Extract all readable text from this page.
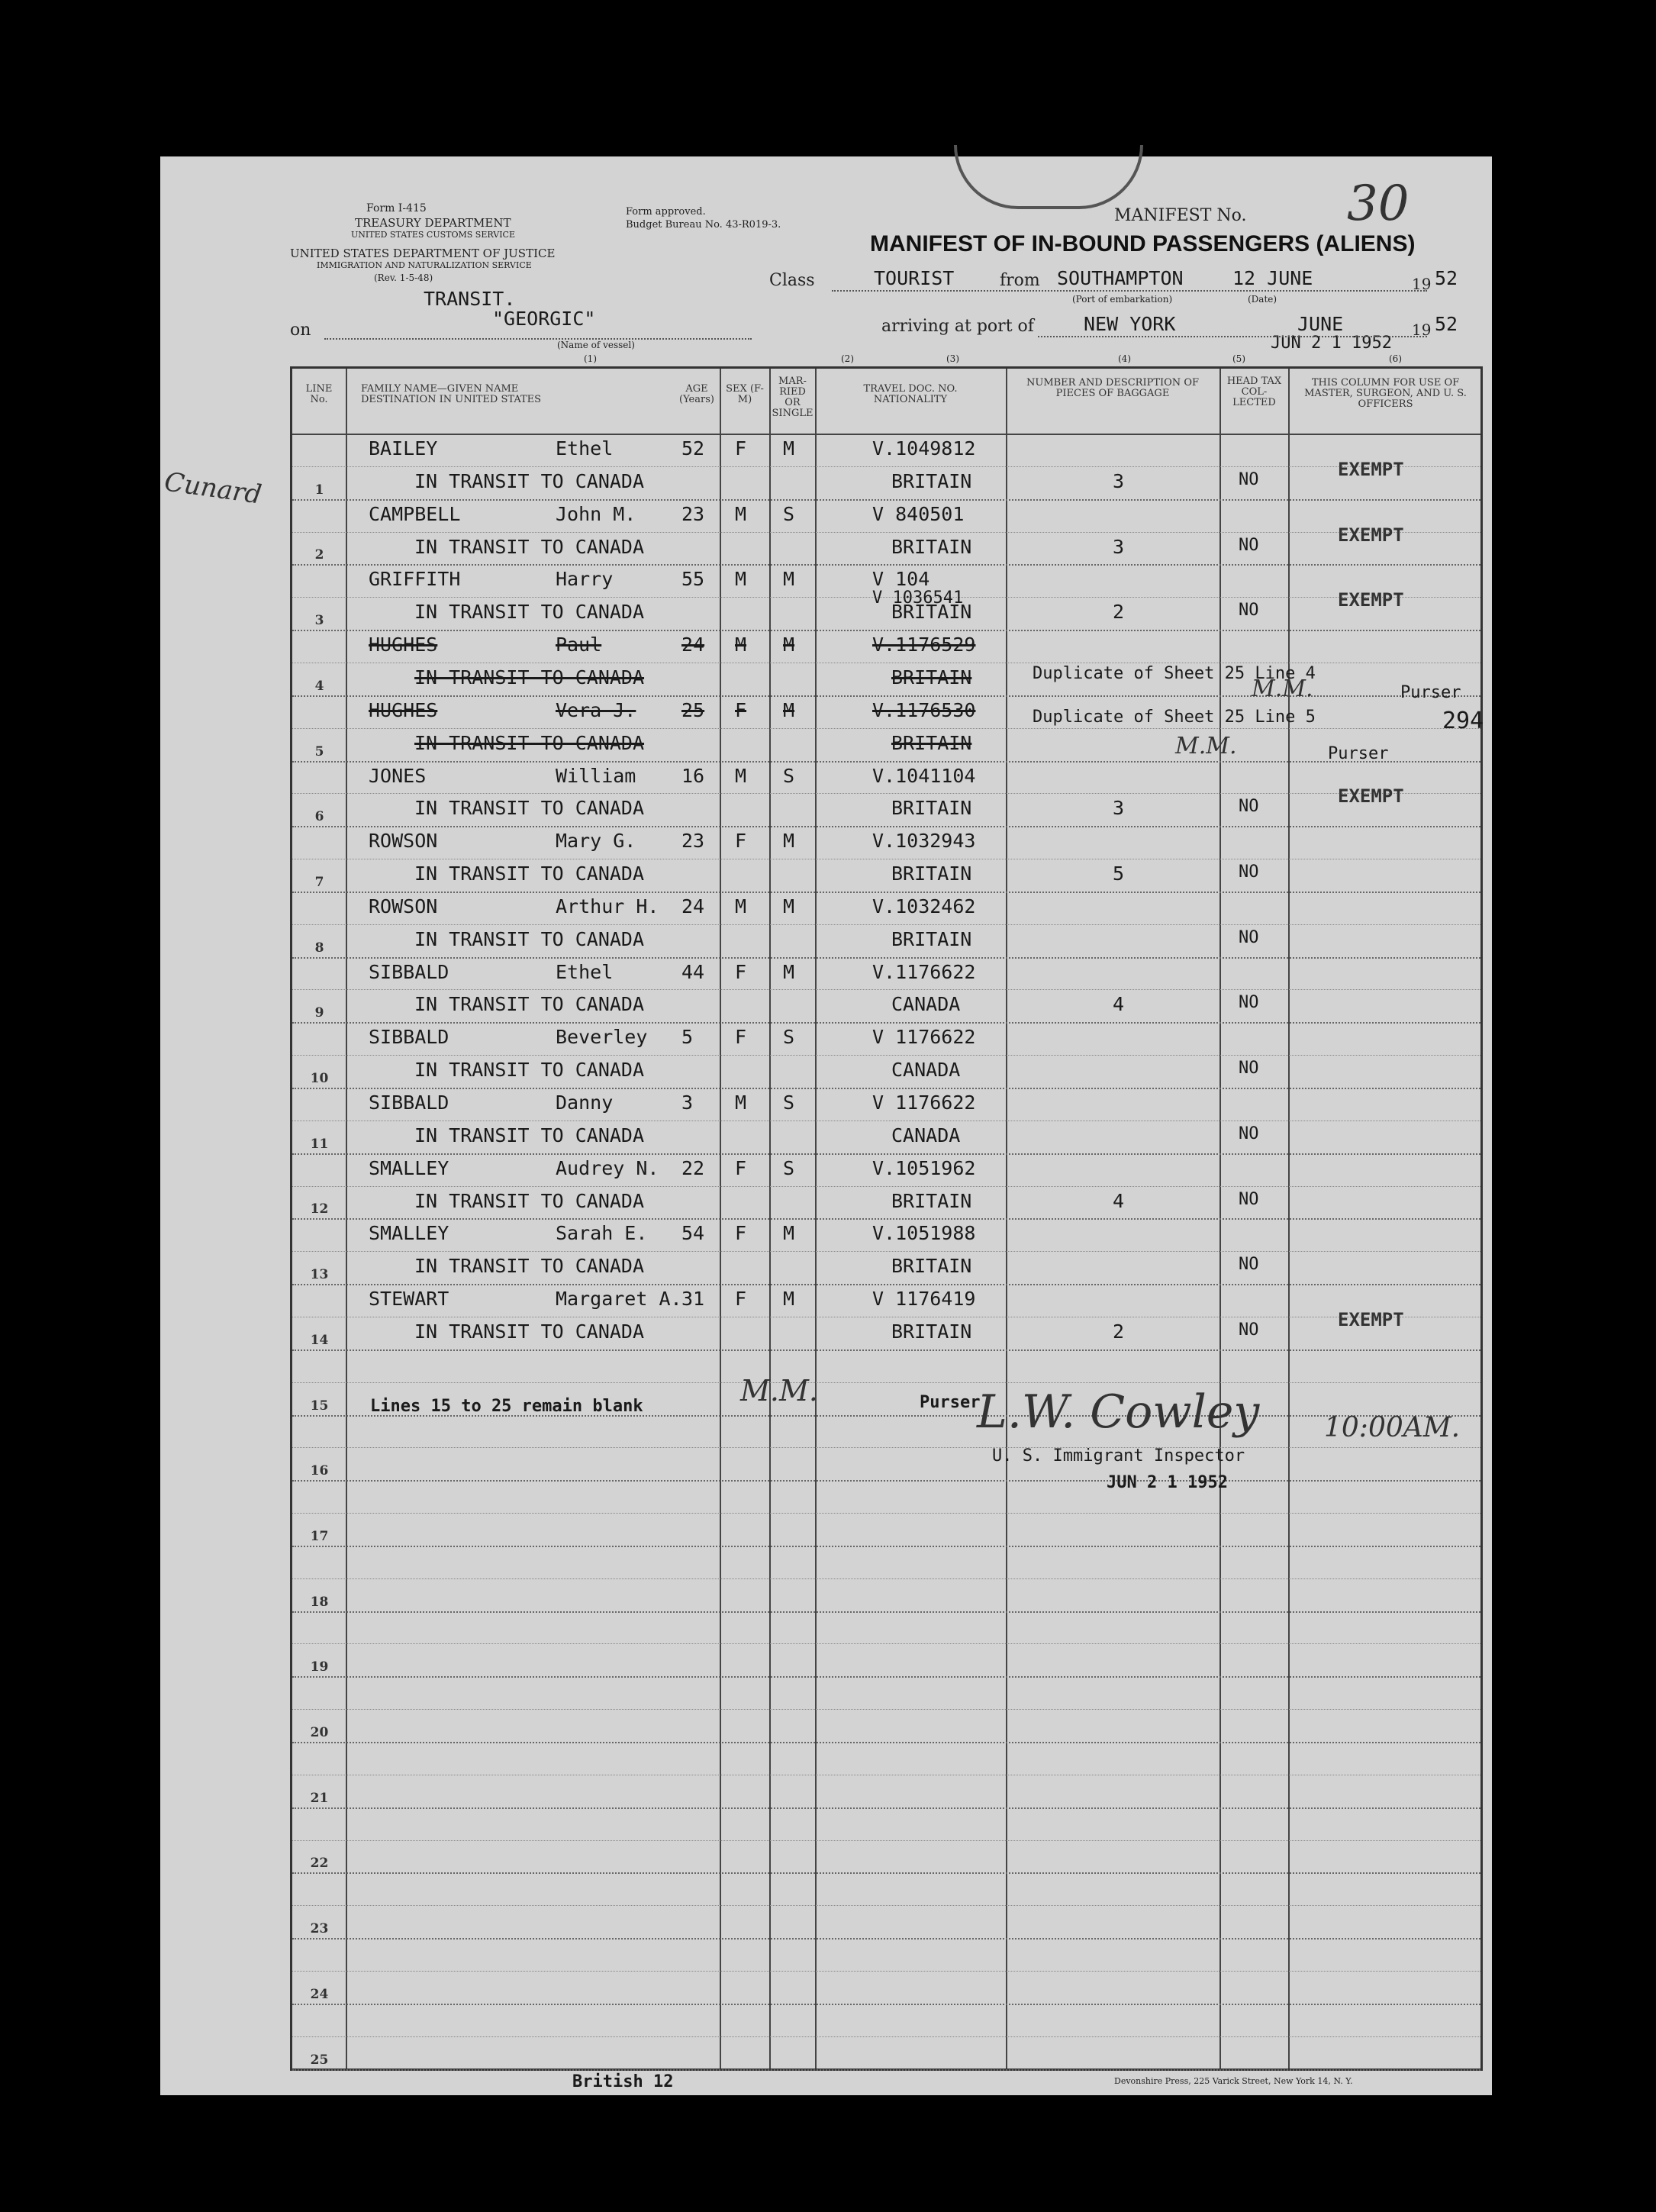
Form I-415
TREASURY DEPARTMENT
UNITED STATES CUSTOMS SERVICE
UNITED STATES DEPARTMENT OF JUSTICE
IMMIGRATION AND NATURALIZATION SERVICE
(Rev. 1-5-48)
Form approved.
Budget Bureau No. 43-R019-3.	MANIFEST No. 30
MANIFEST OF IN-BOUND PASSENGERS (ALIENS)
TRANSIT.
"GEORGIC"
(Name of vessel)
on
Class	TOURIST	from SOUTHAMPTON
(Port of embarkation)
12 JUNE
(Date)
19 52
arriving at port of	NEW YORK	JUNE
JUN 2 1 1952
19 52
(1)	(2)	(3)	(4)	(5)	(6)
LINE No.
FAMILY NAME—GIVEN NAME DESTINATION IN UNITED STATES
AGE (Years)
SEX (F-M)
MAR-RIED OR SINGLE
TRAVEL DOC. NO. NATIONALITY
NUMBER AND DESCRIPTION OF PIECES OF BAGGAGE
HEAD TAX COL-LECTED
THIS COLUMN FOR USE OF MASTER, SURGEON, AND U. S. OFFICERS
1
BAILEY	Ethel	52 F M	V.1049812
IN TRANSIT TO CANADA	BRITAIN	3	NO	EXEMPT
2
CAMPBELL	John M. 23 M S	V 840501
IN TRANSIT TO CANADA	BRITAIN	3	NO	EXEMPT
3
GRIFFITH	Harry	55 M M	V 104
V 1036541
IN TRANSIT TO CANADA	BRITAIN	2	NO	EXEMPT
4
HUGHES	Paul	24 M M	V.1176529
IN TRANSIT TO CANADA	BRITAIN
5
HUGHES	Vera J. 25 F M	V.1176530
IN TRANSIT TO CANADA	BRITAIN
6
JONES	William 16 M S	V.1041104
IN TRANSIT TO CANADA	BRITAIN	3	NO	EXEMPT
7
ROWSON	Mary G. 23 F M	V.1032943
IN TRANSIT TO CANADA	BRITAIN	5	NO
8
ROWSON	Arthur H. 24 M M	V.1032462
IN TRANSIT TO CANADA	BRITAIN	NO
9
SIBBALD	Ethel	44 F M	V.1176622
IN TRANSIT TO CANADA	CANADA	4	NO
10
SIBBALD	Beverley 5 F S	V 1176622
IN TRANSIT TO CANADA	CANADA	NO
11
SIBBALD	Danny	3 M S	V 1176622
IN TRANSIT TO CANADA	CANADA	NO
12
SMALLEY	Audrey N. 22 F S	V.1051962
IN TRANSIT TO CANADA	BRITAIN	4	NO
13
SMALLEY	Sarah E. 54 F M	V.1051988
IN TRANSIT TO CANADA	BRITAIN	NO
14
STEWART	Margaret A. 31 F M	V 1176419
IN TRANSIT TO CANADA	BRITAIN	2	NO	EXEMPT
15
16
17
18
19
20
21
22
23
24
25
Duplicate of Sheet 25 Line 4
Purser
M.M.
Duplicate of Sheet 25 Line 5
Purser
M.M.
294
Lines 15 to 25 remain blank	Purser
M.M.	L.W. Cowley 10:00AM.
U. S. Immigrant Inspector
JUN 2 1 1952
Cunard
British 12	Devonshire Press, 225 Varick Street, New York 14, N. Y.
